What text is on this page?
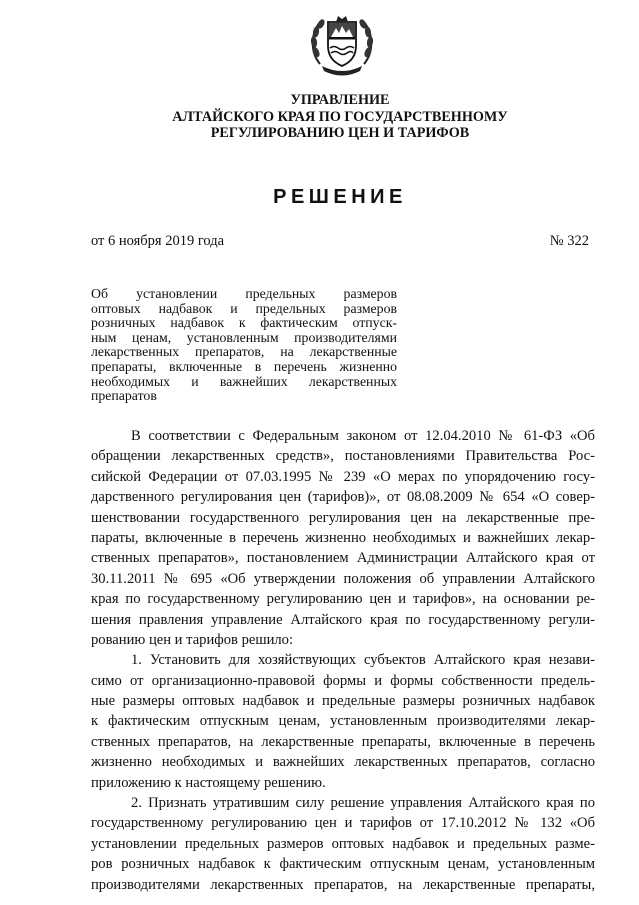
УПРАВЛЕНИЕ
АЛТАЙСКОГО КРАЯ ПО ГОСУДАРСТВЕННОМУ
РЕГУЛИРОВАНИЮ ЦЕН И ТАРИФОВ
РЕШЕНИЕ
от 6 ноября 2019 года	№ 322
Об установлении предельных размеров
оптовых надбавок и предельных размеров
розничных надбавок к фактическим отпуск-
ным ценам, установленным производителями
лекарственных препаратов, на лекарственные
препараты, включенные в перечень жизненно
необходимых и важнейших лекарственных
препаратов
В соответствии с Федеральным законом от 12.04.2010 № 61-ФЗ «Об
обращении лекарственных средств», постановлениями Правительства Рос-
сийской Федерации от 07.03.1995 № 239 «О мерах по упорядочению госу-
дарственного регулирования цен (тарифов)», от 08.08.2009 № 654 «О совер-
шенствовании государственного регулирования цен на лекарственные пре-
параты, включенные в перечень жизненно необходимых и важнейших лекар-
ственных препаратов», постановлением Администрации Алтайского края от
30.11.2011 № 695 «Об утверждении положения об управлении Алтайского
края по государственному регулированию цен и тарифов», на основании ре-
шения правления управление Алтайского края по государственному регули-
рованию цен и тарифов решило:
1. Установить для хозяйствующих субъектов Алтайского края незави-
симо от организационно-правовой формы и формы собственности предель-
ные размеры оптовых надбавок и предельные размеры розничных надбавок
к фактическим отпускным ценам, установленным производителями лекар-
ственных препаратов, на лекарственные препараты, включенные в перечень
жизненно необходимых и важнейших лекарственных препаратов, согласно
приложению к настоящему решению.
2. Признать утратившим силу решение управления Алтайского края по
государственному регулированию цен и тарифов от 17.10.2012 № 132 «Об
установлении предельных размеров оптовых надбавок и предельных разме-
ров розничных надбавок к фактическим отпускным ценам, установленным
производителями лекарственных препаратов, на лекарственные препараты,
